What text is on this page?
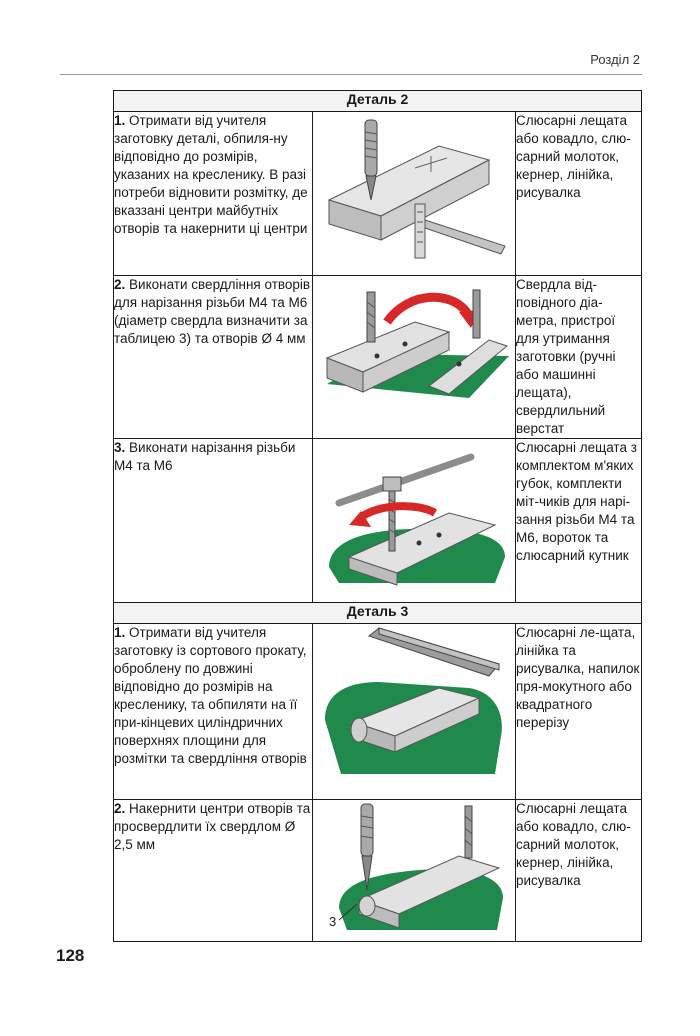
Розділ 2
Деталь 2		
1. Отримати від учителя заготовку деталі, обпиля-ну відповідно до розмірів, указаних на кресленику. В разі потреби відновити розмітку, де вказзані центри майбутніх отворів та накернити ці центри		Слюсарні лещата або ковадло, слю-сарний молоток, кернер, лінійка, рисувалка
2. Виконати свердління отворів для нарізання різьби М4 та М6 (діаметр свердла визначити за таблицею 3) та отворів Ø 4 мм		Свердла від-повідного діа-метра, пристрої для утримання заготовки (ручні або машинні лещата), свердлильний верстат
3. Виконати нарізання різьби М4 та М6		Слюсарні лещата з комплектом м'яких губок, комплекти міт-чиків для нарі-зання різьби М4 та М6, вороток та слюсарний кутник
Деталь 3		
1. Отримати від учителя заготовку із сортового прокату, оброблену по довжині відповідно до розмірів на кресленику, та обпиляти на її при-кінцевих циліндричних поверхнях площини для розмітки та свердління отворів		Слюсарні ле-щата, лінійка та рисувалка, напилок пря-мокутного або квадратного перерізу
2. Накернити центри отворів та просвердлити їх свердлом Ø 2,5 мм	3	Слюсарні лещата або ковадло, слю-сарний молоток, кернер, лінійка, рисувалка
128
